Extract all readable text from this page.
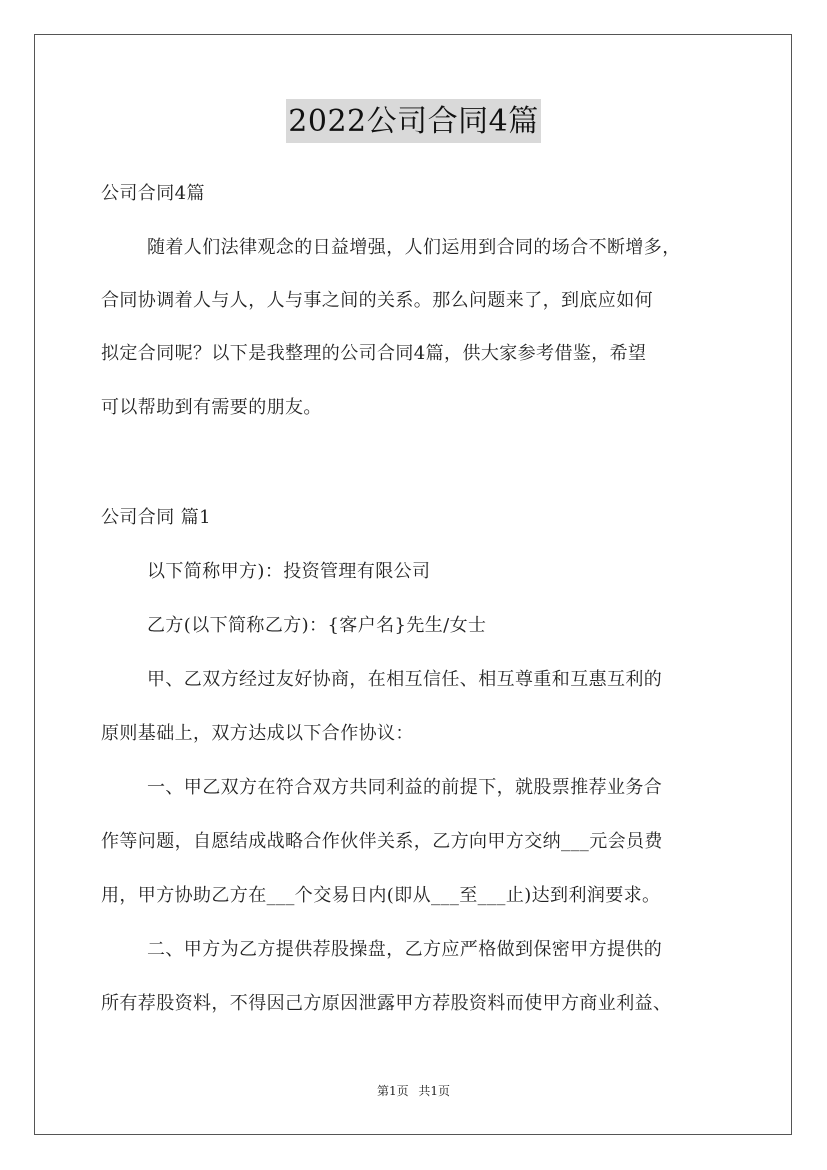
2022公司合同4篇
公司合同4篇
随着人们法律观念的日益增强，人们运用到合同的场合不断增多，
合同协调着人与人，人与事之间的关系。那么问题来了，到底应如何
拟定合同呢？以下是我整理的公司合同4篇，供大家参考借鉴，希望
可以帮助到有需要的朋友。
公司合同 篇1
以下简称甲方)：投资管理有限公司
乙方(以下简称乙方)：{客户名}先生/女士
甲、乙双方经过友好协商，在相互信任、相互尊重和互惠互利的
原则基础上，双方达成以下合作协议：
一、甲乙双方在符合双方共同利益的前提下，就股票推荐业务合
作等问题，自愿结成战略合作伙伴关系，乙方向甲方交纳___元会员费
用，甲方协助乙方在___个交易日内(即从___至___止)达到利润要求。
二、甲方为乙方提供荐股操盘，乙方应严格做到保密甲方提供的
所有荐股资料，不得因己方原因泄露甲方荐股资料而使甲方商业利益、
第1页 共1页
